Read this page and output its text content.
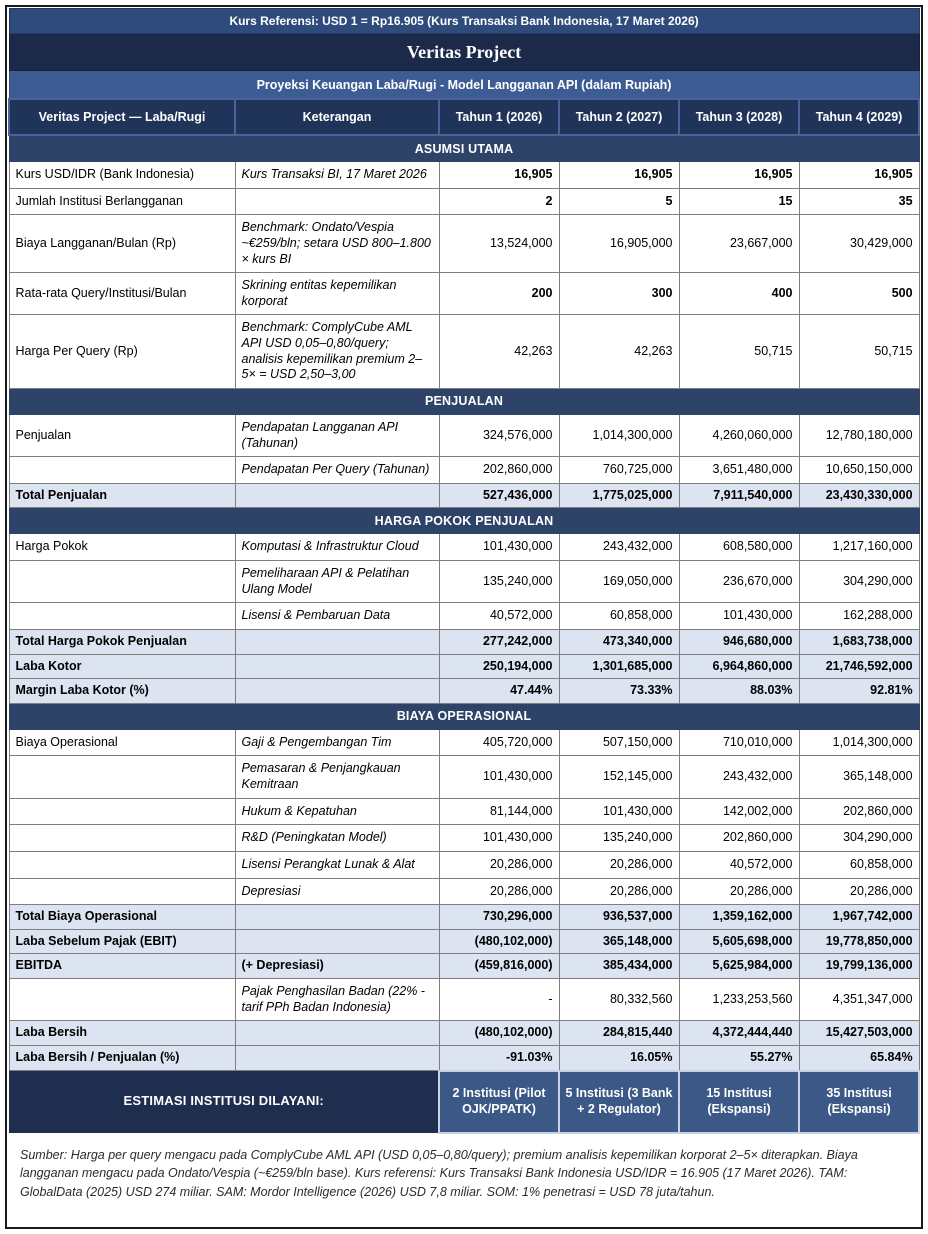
Kurs Referensi: USD 1 = Rp16.905 (Kurs Transaksi Bank Indonesia, 17 Maret 2026)					
Veritas Project					
Proyeksi Keuangan Laba/Rugi - Model Langganan API (dalam Rupiah)					
Veritas Project — Laba/Rugi	Keterangan	Tahun 1 (2026)	Tahun 2 (2027)	Tahun 3 (2028)	Tahun 4 (2029)
ASUMSI UTAMA					
Kurs USD/IDR (Bank Indonesia)	Kurs Transaksi BI, 17 Maret 2026	16,905	16,905	16,905	16,905
Jumlah Institusi Berlangganan		2	5	15	35
Biaya Langganan/Bulan (Rp)	Benchmark: Ondato/Vespia ~€259/bln; setara USD 800–1.800 × kurs BI	13,524,000	16,905,000	23,667,000	30,429,000
Rata-rata Query/Institusi/Bulan	Skrining entitas kepemilikan korporat	200	300	400	500
Harga Per Query (Rp)	Benchmark: ComplyCube AML API USD 0,05–0,80/query; analisis kepemilikan premium 2–5× = USD 2,50–3,00	42,263	42,263	50,715	50,715
PENJUALAN					
Penjualan	Pendapatan Langganan API (Tahunan)	324,576,000	1,014,300,000	4,260,060,000	12,780,180,000
	Pendapatan Per Query (Tahunan)	202,860,000	760,725,000	3,651,480,000	10,650,150,000
Total Penjualan		527,436,000	1,775,025,000	7,911,540,000	23,430,330,000
HARGA POKOK PENJUALAN					
Harga Pokok	Komputasi & Infrastruktur Cloud	101,430,000	243,432,000	608,580,000	1,217,160,000
	Pemeliharaan API & Pelatihan Ulang Model	135,240,000	169,050,000	236,670,000	304,290,000
	Lisensi & Pembaruan Data	40,572,000	60,858,000	101,430,000	162,288,000
Total Harga Pokok Penjualan		277,242,000	473,340,000	946,680,000	1,683,738,000
Laba Kotor		250,194,000	1,301,685,000	6,964,860,000	21,746,592,000
Margin Laba Kotor (%)		47.44%	73.33%	88.03%	92.81%
BIAYA OPERASIONAL					
Biaya Operasional	Gaji & Pengembangan Tim	405,720,000	507,150,000	710,010,000	1,014,300,000
	Pemasaran & Penjangkauan Kemitraan	101,430,000	152,145,000	243,432,000	365,148,000
	Hukum & Kepatuhan	81,144,000	101,430,000	142,002,000	202,860,000
	R&D (Peningkatan Model)	101,430,000	135,240,000	202,860,000	304,290,000
	Lisensi Perangkat Lunak & Alat	20,286,000	20,286,000	40,572,000	60,858,000
	Depresiasi	20,286,000	20,286,000	20,286,000	20,286,000
Total Biaya Operasional		730,296,000	936,537,000	1,359,162,000	1,967,742,000
Laba Sebelum Pajak (EBIT)		(480,102,000)	365,148,000	5,605,698,000	19,778,850,000
EBITDA	(+ Depresiasi)	(459,816,000)	385,434,000	5,625,984,000	19,799,136,000
	Pajak Penghasilan Badan (22% - tarif PPh Badan Indonesia)	-	80,332,560	1,233,253,560	4,351,347,000
Laba Bersih		(480,102,000)	284,815,440	4,372,444,440	15,427,503,000
Laba Bersih / Penjualan (%)		-91.03%	16.05%	55.27%	65.84%
ESTIMASI INSTITUSI DILAYANI:		2 Institusi (Pilot OJK/PPATK)	5 Institusi (3 Bank + 2 Regulator)	15 Institusi (Ekspansi)	35 Institusi (Ekspansi)
Sumber: Harga per query mengacu pada ComplyCube AML API (USD 0,05–0,80/query); premium analisis kepemilikan korporat 2–5× diterapkan. Biaya langganan mengacu pada Ondato/Vespia (~€259/bln base). Kurs referensi: Kurs Transaksi Bank Indonesia USD/IDR = 16.905 (17 Maret 2026). TAM: GlobalData (2025) USD 274 miliar. SAM: Mordor Intelligence (2026) USD 7,8 miliar. SOM: 1% penetrasi = USD 78 juta/tahun.
